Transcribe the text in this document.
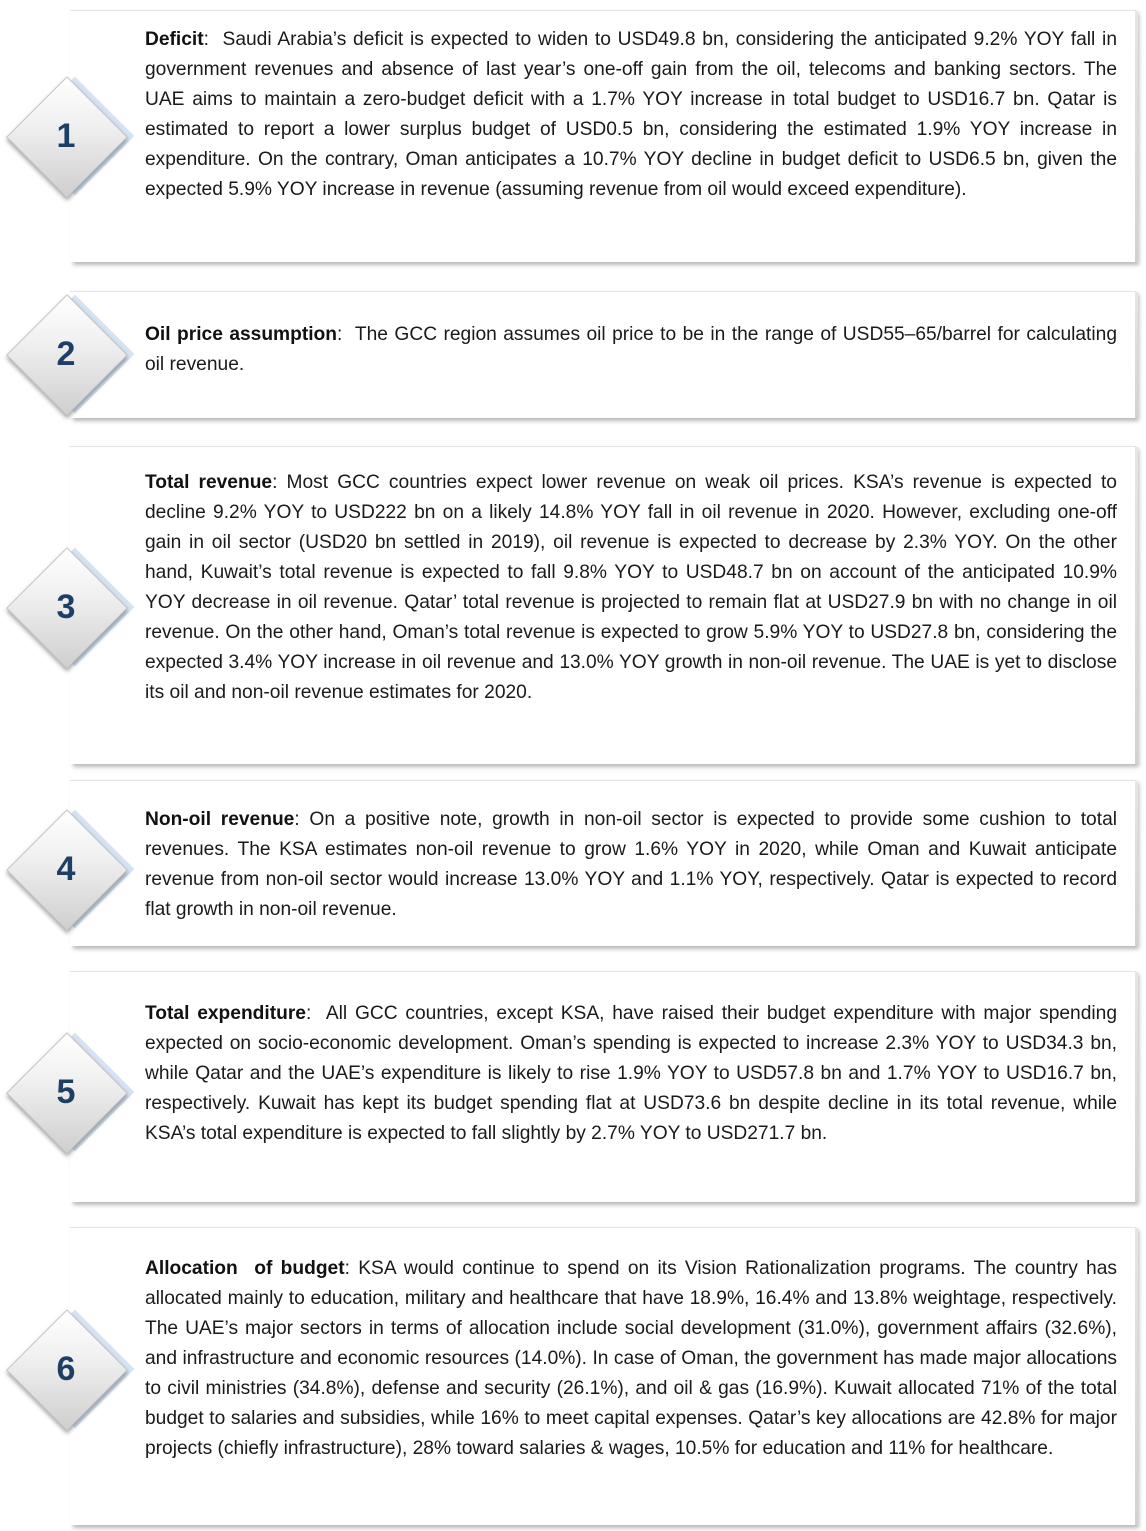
1

Deficit: Saudi Arabia’s deficit is expected to widen to USD49.8 bn, considering the anticipated 9.2% YOY fall in government revenues and absence of last year’s one-off gain from the oil, telecoms and banking sectors. The UAE aims to maintain a zero-budget deficit with a 1.7% YOY increase in total budget to USD16.7 bn. Qatar is estimated to report a lower surplus budget of USD0.5 bn, considering the estimated 1.9% YOY increase in expenditure. On the contrary, Oman anticipates a 10.7% YOY decline in budget deficit to USD6.5 bn, given the expected 5.9% YOY increase in revenue (assuming revenue from oil would exceed expenditure).

2

Oil price assumption: The GCC region assumes oil price to be in the range of USD55–65/barrel for calculating oil revenue.

3

Total revenue: Most GCC countries expect lower revenue on weak oil prices. KSA’s revenue is expected to decline 9.2% YOY to USD222 bn on a likely 14.8% YOY fall in oil revenue in 2020. However, excluding one-off gain in oil sector (USD20 bn settled in 2019), oil revenue is expected to decrease by 2.3% YOY. On the other hand, Kuwait’s total revenue is expected to fall 9.8% YOY to USD48.7 bn on account of the anticipated 10.9% YOY decrease in oil revenue. Qatar’ total revenue is projected to remain flat at USD27.9 bn with no change in oil revenue. On the other hand, Oman’s total revenue is expected to grow 5.9% YOY to USD27.8 bn, considering the expected 3.4% YOY increase in oil revenue and 13.0% YOY growth in non-oil revenue. The UAE is yet to disclose its oil and non-oil revenue estimates for 2020.

4

Non-oil revenue: On a positive note, growth in non-oil sector is expected to provide some cushion to total revenues. The KSA estimates non-oil revenue to grow 1.6% YOY in 2020, while Oman and Kuwait anticipate revenue from non-oil sector would increase 13.0% YOY and 1.1% YOY, respectively. Qatar is expected to record flat growth in non-oil revenue.

5

Total expenditure: All GCC countries, except KSA, have raised their budget expenditure with major spending expected on socio-economic development. Oman’s spending is expected to increase 2.3% YOY to USD34.3 bn, while Qatar and the UAE’s expenditure is likely to rise 1.9% YOY to USD57.8 bn and 1.7% YOY to USD16.7 bn, respectively. Kuwait has kept its budget spending flat at USD73.6 bn despite decline in its total revenue, while KSA’s total expenditure is expected to fall slightly by 2.7% YOY to USD271.7 bn.

6

Allocation  of budget: KSA would continue to spend on its Vision Rationalization programs. The country has allocated mainly to education, military and healthcare that have 18.9%, 16.4% and 13.8% weightage, respectively. The UAE’s major sectors in terms of allocation include social development (31.0%), government affairs (32.6%), and infrastructure and economic resources (14.0%). In case of Oman, the government has made major allocations to civil ministries (34.8%), defense and security (26.1%), and oil & gas (16.9%). Kuwait allocated 71% of the total budget to salaries and subsidies, while 16% to meet capital expenses. Qatar’s key allocations are 42.8% for major projects (chiefly infrastructure), 28% toward salaries & wages, 10.5% for education and 11% for healthcare.
